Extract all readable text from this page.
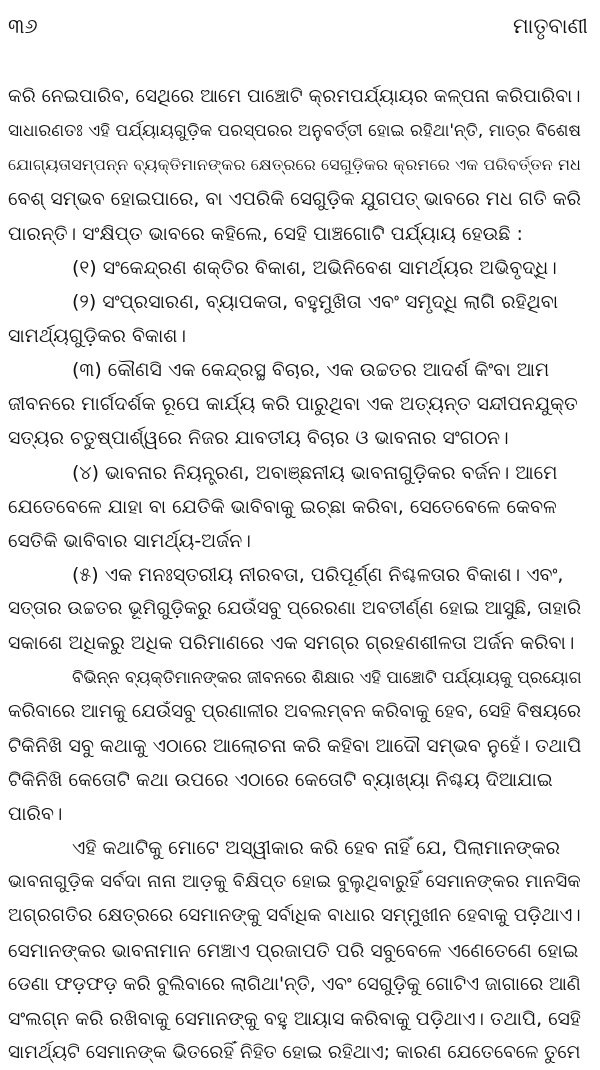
୩୬	ମାତୃବାଣୀ
କରି ନେଇପାରିବ, ସେଥିରେ ଆମେ ପାଞ୍ଚୋଟି କ୍ରମପର୍ଯ୍ୟାୟର କଳ୍ପନା କରିପାରିବା।
ସାଧାରଣତଃ ଏହି ପର୍ଯ୍ୟାୟଗୁଡ଼ିକ ପରସ୍ପରର ଅନୁବର୍ତ୍ତୀ ହୋଇ ରହିଥା'ନ୍ତି, ମାତ୍ର ବିଶେଷ
ଯୋଗ୍ୟତାସମ୍ପନ୍ନ ବ୍ୟକ୍ତିମାନଙ୍କର କ୍ଷେତ୍ରରେ ସେଗୁଡ଼ିକର କ୍ରମରେ ଏକ ପରିବର୍ତ୍ତନ ମଧ
ବେଶ୍ ସମ୍ଭବ ହୋଇପାରେ, ବା ଏପରିକି ସେଗୁଡ଼ିକ ଯୁଗପତ୍ ଭାବରେ ମଧ ଗତି କରି
ପାରନ୍ତି। ସଂକ୍ଷିପ୍ତ ଭାବରେ କହିଲେ, ସେହି ପାଞ୍ଚଗୋଟି ପର୍ଯ୍ୟାୟ ହେଉଛି :
(୧) ସଂକେନ୍ଦ୍ରଣ ଶକ୍ତିର ବିକାଶ, ଅଭିନିବେଶ ସାମର୍ଥ୍ୟର ଅଭିବୃଦ୍ଧି।
(୨) ସଂପ୍ରସାରଣ, ବ୍ୟାପକତା, ବହୁମୁଖିତା ଏବଂ ସମୃଦ୍ଧି ଲାଗି ରହିଥିବା
ସାମର୍ଥ୍ୟଗୁଡ଼ିକର ବିକାଶ।
(୩) କୌଣସି ଏକ କେନ୍ଦ୍ରସ୍ଥ ବିଚାର, ଏକ ଉଚ୍ଚତର ଆଦର୍ଶ କିଂବା ଆମ
ଜୀବନରେ ମାର୍ଗଦର୍ଶକ ରୂପେ କାର୍ଯ୍ୟ କରି ପାରୁଥିବା ଏକ ଅତ୍ୟନ୍ତ ସନ୍ଦୀପନଯୁକ୍ତ
ସତ୍ୟର ଚତୁଷ୍ପାର୍ଶ୍ୱରେ ନିଜର ଯାବତୀୟ ବିଚାର ଓ ଭାବନାର ସଂଗଠନ।
(୪) ଭାବନାର ନିୟନ୍ତ୍ରଣ, ଅବାଞ୍ଛନୀୟ ଭାବନାଗୁଡ଼ିକର ବର୍ଜନ। ଆମେ
ଯେତେବେଳେ ଯାହା ବା ଯେତିକି ଭାବିବାକୁ ଇଚ୍ଛା କରିବା, ସେତେବେଳେ କେବଳ
ସେତିକି ଭାବିବାର ସାମର୍ଥ୍ୟ-ଅର୍ଜନ।
(୫) ଏକ ମନଃସ୍ତରୀୟ ନୀରବତା, ପରିପୂର୍ଣ୍ଣ ନିଶ୍ଚଳତାର ବିକାଶ। ଏବଂ,
ସତ୍ତାର ଉଚ୍ଚତର ଭୂମିଗୁଡ଼ିକରୁ ଯେଉଁସବୁ ପ୍ରେରଣା ଅବତୀର୍ଣ୍ଣ ହୋଇ ଆସୁଛି, ତାହାରି
ସକାଶେ ଅଧିକରୁ ଅଧିକ ପରିମାଣରେ ଏକ ସମଗ୍ର ଗ୍ରହଣଶୀଳତା ଅର୍ଜନ କରିବା।
ବିଭିନ୍ନ ବ୍ୟକ୍ତିମାନଙ୍କର ଜୀବନରେ ଶିକ୍ଷାର ଏହି ପାଞ୍ଚୋଟି ପର୍ଯ୍ୟାୟକୁ ପ୍ରୟୋଗ
କରିବାରେ ଆମକୁ ଯେଉଁସବୁ ପ୍ରଣାଳୀର ଅବଲମ୍ବନ କରିବାକୁ ହେବ, ସେହି ବିଷୟରେ
ଟିକିନିଖି ସବୁ କଥାକୁ ଏଠାରେ ଆଲୋଚନା କରି କହିବା ଆଦୌ ସମ୍ଭବ ନୁହେଁ। ତଥାପି
ଟିକିନିଖି କେତୋଟି କଥା ଉପରେ ଏଠାରେ କେତୋଟି ବ୍ୟାଖ୍ୟା ନିଶ୍ଚୟ ଦିଆଯାଇ
ପାରିବ।
ଏହି କଥାଟିକୁ ମୋଟେ ଅସ୍ୱୀକାର କରି ହେବ ନାହିଁ ଯେ, ପିଲାମାନଙ୍କର
ଭାବନାଗୁଡ଼ିକ ସର୍ବଦା ନାନା ଆଡ଼କୁ ବିକ୍ଷିପ୍ତ ହୋଇ ବୁଲୁଥିବାରୁହିଁ ସେମାନଙ୍କର ମାନସିକ
ଅଗ୍ରଗତିର କ୍ଷେତ୍ରରେ ସେମାନଙ୍କୁ ସର୍ବାଧିକ ବାଧାର ସମ୍ମୁଖୀନ ହେବାକୁ ପଡ଼ିଥାଏ।
ସେମାନଙ୍କର ଭାବନାମାନ ମେଞ୍ଚାଏ ପ୍ରଜାପତି ପରି ସବୁବେଳେ ଏଣେତେଣେ ହୋଇ
ଡେଣା ଫଡ଼ଫଡ଼ କରି ବୁଲିବାରେ ଲାଗିଥା'ନ୍ତି, ଏବଂ ସେଗୁଡ଼ିକୁ ଗୋଟିଏ ଜାଗାରେ ଆଣି
ସଂଲଗ୍ନ କରି ରଖିବାକୁ ସେମାନଙ୍କୁ ବହୁ ଆୟାସ କରିବାକୁ ପଡ଼ିଥାଏ। ତଥାପି, ସେହି
ସାମର୍ଥ୍ୟଟି ସେମାନଙ୍କ ଭିତରେହିଁ ନିହିତ ହୋଇ ରହିଥାଏ; କାରଣ ଯେତେବେଳେ ତୁମେ
